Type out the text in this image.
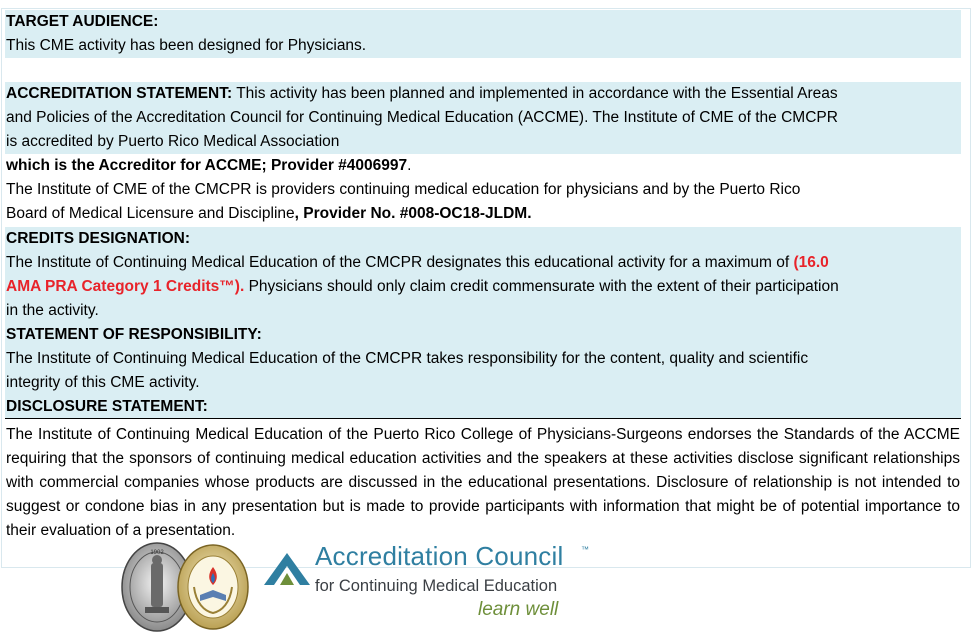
TARGET AUDIENCE:
This CME activity has been designed for Physicians.
ACCREDITATION STATEMENT: This activity has been planned and implemented in accordance with the Essential Areas
and Policies of the Accreditation Council for Continuing Medical Education (ACCME). The Institute of CME of the CMCPR
is accredited by Puerto Rico Medical Association
which is the Accreditor for ACCME; Provider #4006997.
The Institute of CME of the CMCPR is providers continuing medical education for physicians and by the Puerto Rico
Board of Medical Licensure and Discipline, Provider No. #008-OC18-JLDM.
CREDITS DESIGNATION:
The Institute of Continuing Medical Education of the CMCPR designates this educational activity for a maximum of (16.0
AMA PRA Category 1 Credits™). Physicians should only claim credit commensurate with the extent of their participation
in the activity.
STATEMENT OF RESPONSIBILITY:
The Institute of Continuing Medical Education of the CMCPR takes responsibility for the content, quality and scientific
integrity of this CME activity.
DISCLOSURE STATEMENT:
The Institute of Continuing Medical Education of the Puerto Rico College of Physicians-Surgeons endorses the Standards of the ACCME requiring that the sponsors of continuing medical education activities and the speakers at these activities disclose significant relationships with commercial companies whose products are discussed in the educational presentations. Disclosure of relationship is not intended to suggest or condone bias in any presentation but is made to provide participants with information that might be of potential importance to their evaluation of a presentation.
1902	Accreditation Council ™
for Continuing Medical Education
learn well
